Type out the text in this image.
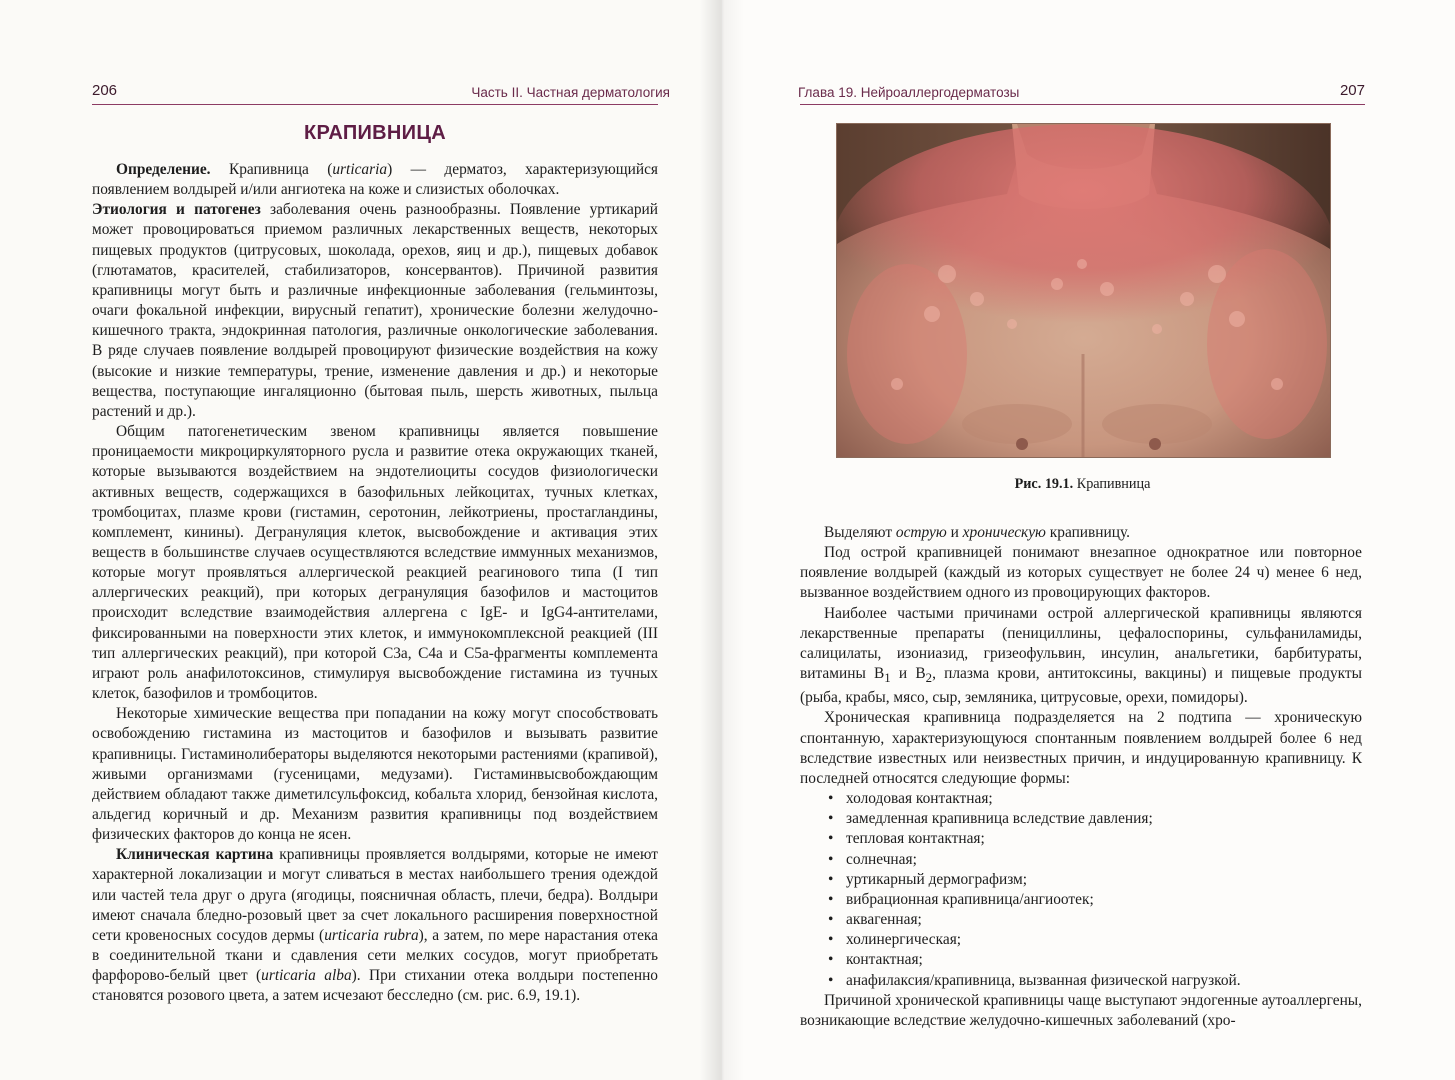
206	Часть II. Частная дерматология	Глава 19. Нейроаллергодерматозы	207
КРАПИВНИЦА

Определение. Крапивница (urticaria) — дерматоз, характеризующийся появлением волдырей и/или ангиотека на коже и слизистых оболочках.

Этиология и патогенез заболевания очень разнообразны. Появление уртикарий может провоцироваться приемом различных лекарственных веществ, некоторых пищевых продуктов (цитрусовых, шоколада, орехов, яиц и др.), пищевых добавок (глютаматов, красителей, стабилизаторов, консервантов). Причиной развития крапивницы могут быть и различные инфекционные заболевания (гельминтозы, очаги фокальной инфекции, вирусный гепатит), хронические болезни желудочно-кишечного тракта, эндокринная патология, различные онкологические заболевания. В ряде случаев появление волдырей провоцируют физические воздействия на кожу (высокие и низкие температуры, трение, изменение давления и др.) и некоторые вещества, поступающие ингаляционно (бытовая пыль, шерсть животных, пыльца растений и др.).

Общим патогенетическим звеном крапивницы является повышение проницаемости микроциркуляторного русла и развитие отека окружающих тканей, которые вызываются воздействием на эндотелиоциты сосудов физиологически активных веществ, содержащихся в базофильных лейкоцитах, тучных клетках, тромбоцитах, плазме крови (гистамин, серотонин, лейкотриены, простагландины, комплемент, кинины). Дегрануляция клеток, высвобождение и активация этих веществ в большинстве случаев осуществляются вследствие иммунных механизмов, которые могут проявляться аллергической реакцией реагинового типа (I тип аллергических реакций), при которых дегрануляция базофилов и мастоцитов происходит вследствие взаимодействия аллергена с IgE- и IgG4-антителами, фиксированными на поверхности этих клеток, и иммунокомплексной реакцией (III тип аллергических реакций), при которой C3a, C4a и C5a-фрагменты комплемента играют роль анафилотоксинов, стимулируя высвобождение гистамина из тучных клеток, базофилов и тромбоцитов.

Некоторые химические вещества при попадании на кожу могут способствовать освобождению гистамина из мастоцитов и базофилов и вызывать развитие крапивницы. Гистаминолибераторы выделяются некоторыми растениями (крапивой), живыми организмами (гусеницами, медузами). Гистаминвысвобождающим действием обладают также диметилсульфоксид, кобальта хлорид, бензойная кислота, альдегид коричный и др. Механизм развития крапивницы под воздействием физических факторов до конца не ясен.

Клиническая картина крапивницы проявляется волдырями, которые не имеют характерной локализации и могут сливаться в местах наибольшего трения одеждой или частей тела друг о друга (ягодицы, поясничная область, плечи, бедра). Волдыри имеют сначала бледно-розовый цвет за счет локального расширения поверхностной сети кровеносных сосудов дермы (urticaria rubra), а затем, по мере нарастания отека в соединительной ткани и сдавления сети мелких сосудов, могут приобретать фарфорово-белый цвет (urticaria alba). При стихании отека волдыри постепенно становятся розового цвета, а затем исчезают бесследно (см. рис. 6.9, 19.1).

Рис. 19.1. Крапивница

Выделяют острую и хроническую крапивницу.

Под острой крапивницей понимают внезапное однократное или повторное появление волдырей (каждый из которых существует не более 24 ч) менее 6 нед, вызванное воздействием одного из провоцирующих факторов.

Наиболее частыми причинами острой аллергической крапивницы являются лекарственные препараты (пенициллины, цефалоспорины, сульфаниламиды, салицилаты, изониазид, гризеофульвин, инсулин, анальгетики, барбитураты, витамины $B_1$ и $B_2$, плазма крови, антитоксины, вакцины) и пищевые продукты (рыба, крабы, мясо, сыр, земляника, цитрусовые, орехи, помидоры).

Хроническая крапивница подразделяется на 2 подтипа — хроническую спонтанную, характеризующуюся спонтанным появлением волдырей более 6 нед вследствие известных или неизвестных причин, и индуцированную крапивницу. К последней относятся следующие формы:

• холодовая контактная;
• замедленная крапивница вследствие давления;
• тепловая контактная;
• солнечная;
• уртикарный дермографизм;
• вибрационная крапивница/ангиоотек;
• аквагенная;
• холинергическая;
• контактная;
• анафилаксия/крапивница, вызванная физической нагрузкой.

Причиной хронической крапивницы чаще выступают эндогенные аутоаллергены, возникающие вследствие желудочно-кишечных заболеваний (хро-
